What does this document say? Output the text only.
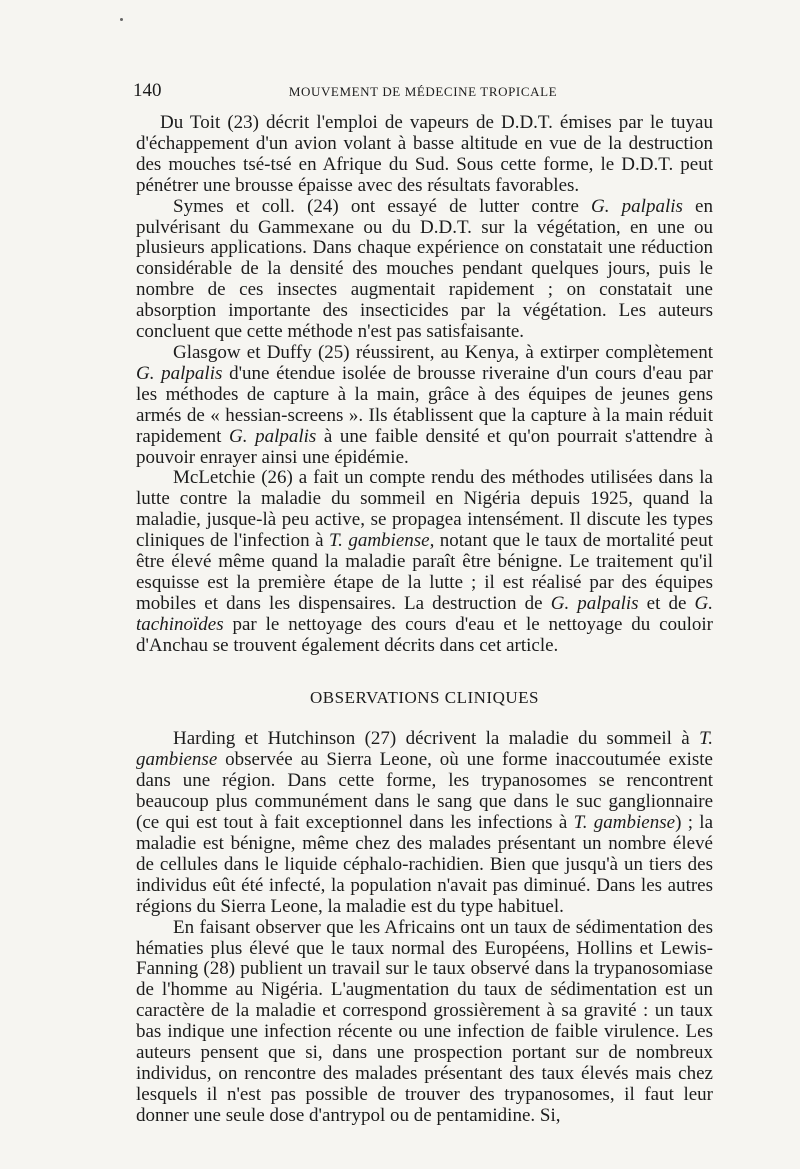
140	MOUVEMENT DE MÉDECINE TROPICALE

Du Toit (23) décrit l'emploi de vapeurs de D.D.T. émises par le tuyau d'échappement d'un avion volant à basse altitude en vue de la destruction des mouches tsé-tsé en Afrique du Sud. Sous cette forme, le D.D.T. peut pénétrer une brousse épaisse avec des résultats favorables.

Symes et coll. (24) ont essayé de lutter contre G. palpalis en pulvérisant du Gammexane ou du D.D.T. sur la végétation, en une ou plusieurs applications. Dans chaque expérience on constatait une réduction considérable de la densité des mouches pendant quelques jours, puis le nombre de ces insectes augmentait rapidement ; on constatait une absorption importante des insecticides par la végétation. Les auteurs concluent que cette méthode n'est pas satisfaisante.

Glasgow et Duffy (25) réussirent, au Kenya, à extirper complètement G. palpalis d'une étendue isolée de brousse riveraine d'un cours d'eau par les méthodes de capture à la main, grâce à des équipes de jeunes gens armés de « hessian-screens ». Ils établissent que la capture à la main réduit rapidement G. palpalis à une faible densité et qu'on pourrait s'attendre à pouvoir enrayer ainsi une épidémie.

McLetchie (26) a fait un compte rendu des méthodes utilisées dans la lutte contre la maladie du sommeil en Nigéria depuis 1925, quand la maladie, jusque-là peu active, se propagea intensément. Il discute les types cliniques de l'infection à T. gambiense, notant que le taux de mortalité peut être élevé même quand la maladie paraît être bénigne. Le traitement qu'il esquisse est la première étape de la lutte ; il est réalisé par des équipes mobiles et dans les dispensaires. La destruction de G. palpalis et de G. tachinoïdes par le nettoyage des cours d'eau et le nettoyage du couloir d'Anchau se trouvent également décrits dans cet article.

OBSERVATIONS CLINIQUES

Harding et Hutchinson (27) décrivent la maladie du sommeil à T. gambiense observée au Sierra Leone, où une forme inaccoutumée existe dans une région. Dans cette forme, les trypanosomes se rencontrent beaucoup plus communément dans le sang que dans le suc ganglionnaire (ce qui est tout à fait exceptionnel dans les infections à T. gambiense) ; la maladie est bénigne, même chez des malades présentant un nombre élevé de cellules dans le liquide céphalo-rachidien. Bien que jusqu'à un tiers des individus eût été infecté, la population n'avait pas diminué. Dans les autres régions du Sierra Leone, la maladie est du type habituel.

En faisant observer que les Africains ont un taux de sédimentation des hématies plus élevé que le taux normal des Européens, Hollins et Lewis-Fanning (28) publient un travail sur le taux observé dans la trypanosomiase de l'homme au Nigéria. L'augmentation du taux de sédimentation est un caractère de la maladie et correspond grossièrement à sa gravité : un taux bas indique une infection récente ou une infection de faible virulence. Les auteurs pensent que si, dans une prospection portant sur de nombreux individus, on rencontre des malades présentant des taux élevés mais chez lesquels il n'est pas possible de trouver des trypanosomes, il faut leur donner une seule dose d'antrypol ou de pentamidine. Si,
